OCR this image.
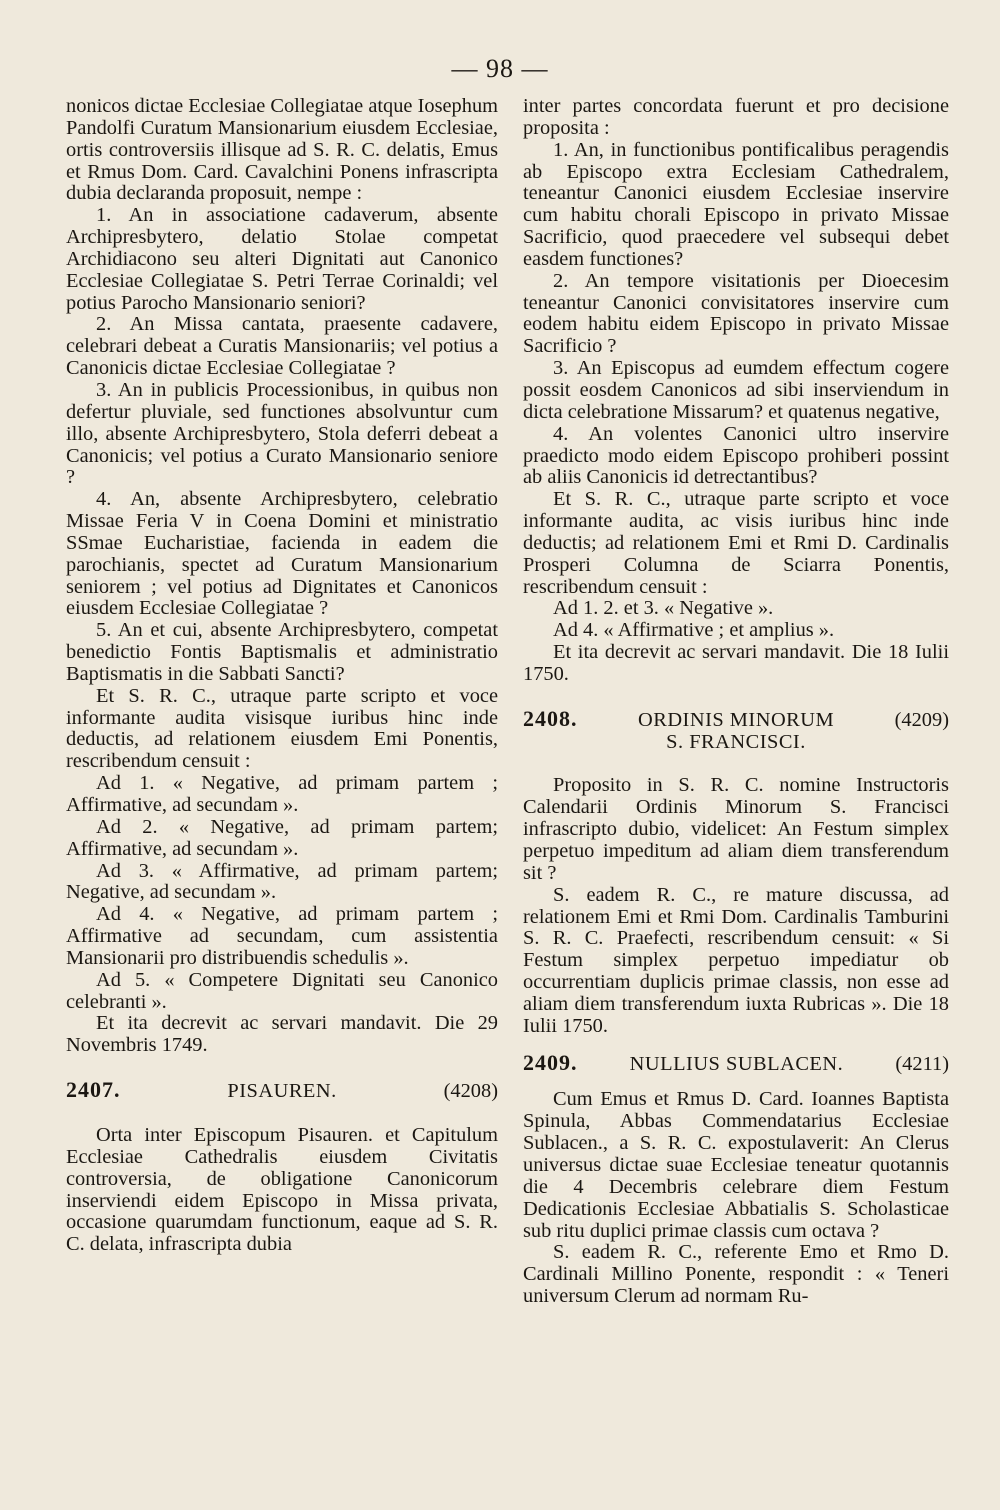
— 98 —

nonicos dictae Ecclesiae Collegiatae atque Iosephum Pandolfi Curatum Mansionarium eiusdem Ecclesiae, ortis controversiis illisque ad S. R. C. delatis, Emus et Rmus Dom. Card. Cavalchini Ponens infrascripta dubia declaranda proposuit, nempe :

1. An in associatione cadaverum, absente Archipresbytero, delatio Stolae competat Archidiacono seu alteri Dignitati aut Canonico Ecclesiae Collegiatae S. Petri Terrae Corinaldi; vel potius Parocho Mansionario seniori?

2. An Missa cantata, praesente cadavere, celebrari debeat a Curatis Mansionariis; vel potius a Canonicis dictae Ecclesiae Collegiatae ?

3. An in publicis Processionibus, in quibus non defertur pluviale, sed functiones absolvuntur cum illo, absente Archipresbytero, Stola deferri debeat a Canonicis; vel potius a Curato Mansionario seniore ?

4. An, absente Archipresbytero, celebratio Missae Feria V in Coena Domini et ministratio SSmae Eucharistiae, facienda in eadem die parochianis, spectet ad Curatum Mansionarium seniorem ; vel potius ad Dignitates et Canonicos eiusdem Ecclesiae Collegiatae ?

5. An et cui, absente Archipresbytero, competat benedictio Fontis Baptismalis et administratio Baptismatis in die Sabbati Sancti?

Et S. R. C., utraque parte scripto et voce informante audita visisque iuribus hinc inde deductis, ad relationem eiusdem Emi Ponentis, rescribendum censuit :

Ad 1. « Negative, ad primam partem ; Affirmative, ad secundam ».

Ad 2. « Negative, ad primam partem; Affirmative, ad secundam ».

Ad 3. « Affirmative, ad primam partem; Negative, ad secundam ».

Ad 4. « Negative, ad primam partem ; Affirmative ad secundam, cum assistentia Mansionarii pro distribuendis schedulis ».

Ad 5. « Competere Dignitati seu Canonico celebranti ».

Et ita decrevit ac servari mandavit. Die 29 Novembris 1749.

2407.	PISAUREN.	(4208)

Orta inter Episcopum Pisauren. et Capitulum Ecclesiae Cathedralis eiusdem Civitatis controversia, de obligatione Canonicorum inserviendi eidem Episcopo in Missa privata, occasione quarumdam functionum, eaque ad S. R. C. delata, infrascripta dubia

inter partes concordata fuerunt et pro decisione proposita :

1. An, in functionibus pontificalibus peragendis ab Episcopo extra Ecclesiam Cathedralem, teneantur Canonici eiusdem Ecclesiae inservire cum habitu chorali Episcopo in privato Missae Sacrificio, quod praecedere vel subsequi debet easdem functiones?

2. An tempore visitationis per Dioecesim teneantur Canonici convisitatores inservire cum eodem habitu eidem Episcopo in privato Missae Sacrificio ?

3. An Episcopus ad eumdem effectum cogere possit eosdem Canonicos ad sibi inserviendum in dicta celebratione Missarum? et quatenus negative,

4. An volentes Canonici ultro inservire praedicto modo eidem Episcopo prohiberi possint ab aliis Canonicis id detrectantibus?

Et S. R. C., utraque parte scripto et voce informante audita, ac visis iuribus hinc inde deductis; ad relationem Emi et Rmi D. Cardinalis Prosperi Columna de Sciarra Ponentis, rescribendum censuit :

Ad 1. 2. et 3. « Negative ».

Ad 4. « Affirmative ; et amplius ».

Et ita decrevit ac servari mandavit. Die 18 Iulii 1750.

2408.	ORDINIS MINORUM	(4209)
S. FRANCISCI.

Proposito in S. R. C. nomine Instructoris Calendarii Ordinis Minorum S. Francisci infrascripto dubio, videlicet: An Festum simplex perpetuo impeditum ad aliam diem transferendum sit ?

S. eadem R. C., re mature discussa, ad relationem Emi et Rmi Dom. Cardinalis Tamburini S. R. C. Praefecti, rescribendum censuit: « Si Festum simplex perpetuo impediatur ob occurrentiam duplicis primae classis, non esse ad aliam diem transferendum iuxta Rubricas ». Die 18 Iulii 1750.

2409.	NULLIUS SUBLACEN.	(4211)

Cum Emus et Rmus D. Card. Ioannes Baptista Spinula, Abbas Commendatarius Ecclesiae Sublacen., a S. R. C. expostulaverit: An Clerus universus dictae suae Ecclesiae teneatur quotannis die 4 Decembris celebrare diem Festum Dedicationis Ecclesiae Abbatialis S. Scholasticae sub ritu duplici primae classis cum octava ?

S. eadem R. C., referente Emo et Rmo D. Cardinali Millino Ponente, respondit : « Teneri universum Clerum ad normam Ru-
